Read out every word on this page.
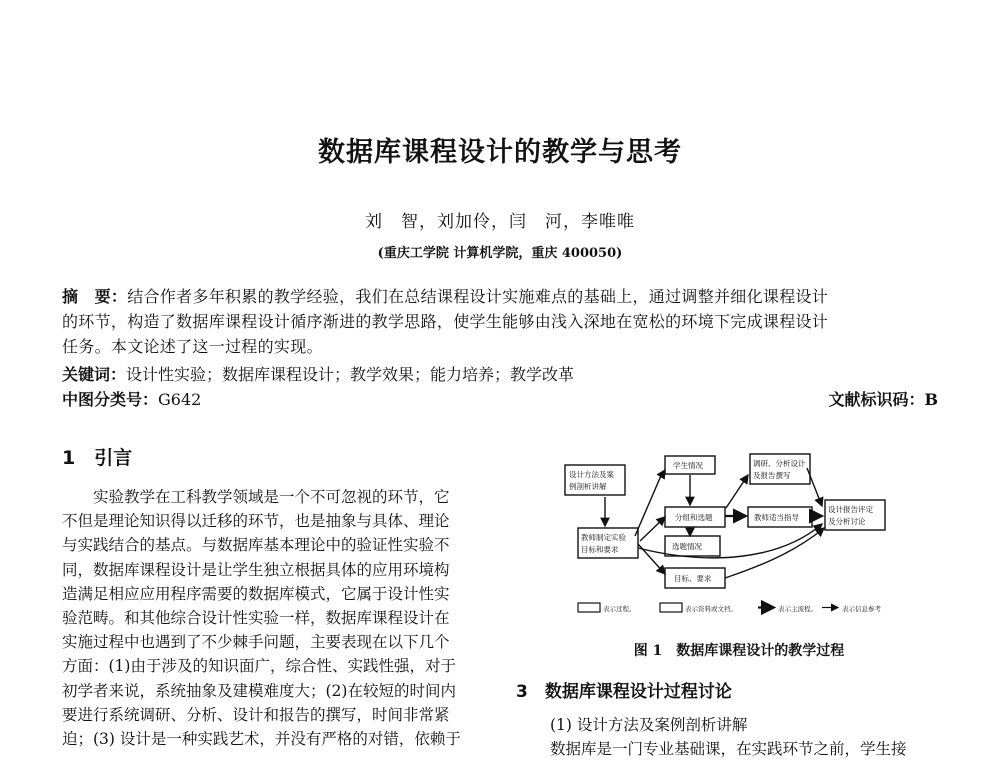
数据库课程设计的教学与思考
刘　智，刘加伶，闫　河，李唯唯
(重庆工学院 计算机学院，重庆 400050)

摘　要：结合作者多年积累的教学经验，我们在总结课程设计实施难点的基础上，通过调整并细化课程设计

的环节，构造了数据库课程设计循序渐进的教学思路，使学生能够由浅入深地在宽松的环境下完成课程设计

任务。本文论述了这一过程的实现。

关键词：设计性实验；数据库课程设计；教学效果；能力培养；教学改革
中图分类号：G642	文献标识码：B
1　引言
　　实验教学在工科教学领域是一个不可忽视的环节，它
不但是理论知识得以迁移的环节，也是抽象与具体、理论
与实践结合的基点。与数据库基本理论中的验证性实验不
同，数据库课程设计是让学生独立根据具体的应用环境构
造满足相应应用程序需要的数据库模式，它属于设计性实
验范畴。和其他综合设计性实验一样，数据库课程设计在
实施过程中也遇到了不少棘手问题，主要表现在以下几个
方面：(1)由于涉及的知识面广，综合性、实践性强，对于
初学者来说，系统抽象及建模难度大；(2)在较短的时间内
要进行系统调研、分析、设计和报告的撰写，时间非常紧
迫；(3) 设计是一种实践艺术，并没有严格的对错，依赖于
设计方法及案
例剖析讲解
学生情况	调研、分析设计
及报告撰写
分组和选题	教师适当指导
设计报告评定
及分析讨论
教师制定实验
目标和要求	选题情况
目标、要求
表示过程。	表示资料或文档。	表示主流程。	表示信息参考
图 1　数据库课程设计的教学过程
3　数据库课程设计过程讨论
(1) 设计方法及案例剖析讲解
数据库是一门专业基础课，在实践环节之前，学生接
